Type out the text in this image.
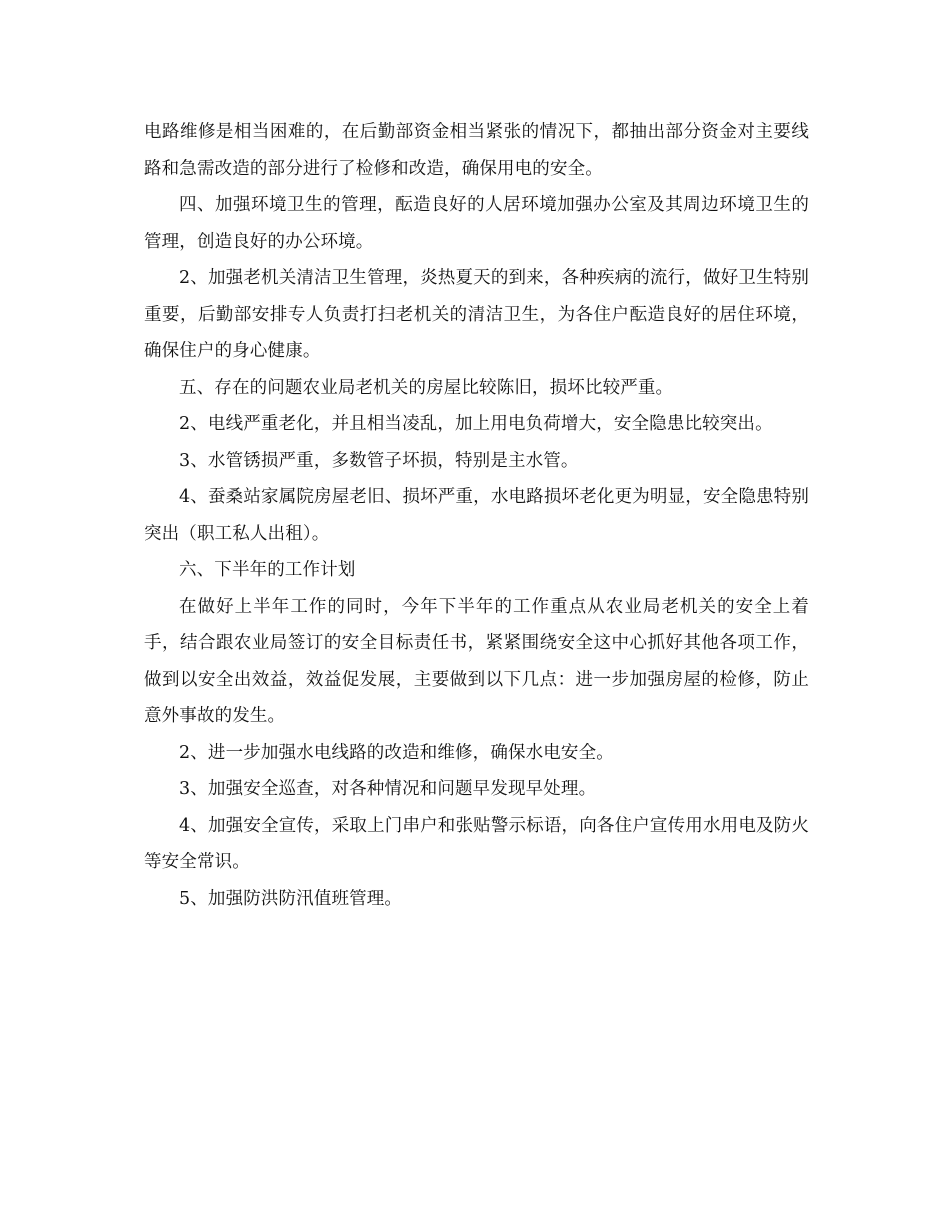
电路维修是相当困难的，在后勤部资金相当紧张的情况下，都抽出部分资金对主要线路和急需改造的部分进行了检修和改造，确保用电的安全。

四、加强环境卫生的管理，酝造良好的人居环境加强办公室及其周边环境卫生的管理，创造良好的办公环境。

2、加强老机关清洁卫生管理，炎热夏天的到来，各种疾病的流行，做好卫生特别重要，后勤部安排专人负责打扫老机关的清洁卫生，为各住户酝造良好的居住环境，确保住户的身心健康。

五、存在的问题农业局老机关的房屋比较陈旧，损坏比较严重。

2、电线严重老化，并且相当凌乱，加上用电负荷增大，安全隐患比较突出。

3、水管锈损严重，多数管子坏损，特别是主水管。

4、蚕桑站家属院房屋老旧、损坏严重，水电路损坏老化更为明显，安全隐患特别突出（职工私人出租）。

六、下半年的工作计划

在做好上半年工作的同时，今年下半年的工作重点从农业局老机关的安全上着手，结合跟农业局签订的安全目标责任书，紧紧围绕安全这中心抓好其他各项工作，做到以安全出效益，效益促发展，主要做到以下几点：进一步加强房屋的检修，防止意外事故的发生。

2、进一步加强水电线路的改造和维修，确保水电安全。

3、加强安全巡查，对各种情况和问题早发现早处理。

4、加强安全宣传，采取上门串户和张贴警示标语，向各住户宣传用水用电及防火等安全常识。

5、加强防洪防汛值班管理。
